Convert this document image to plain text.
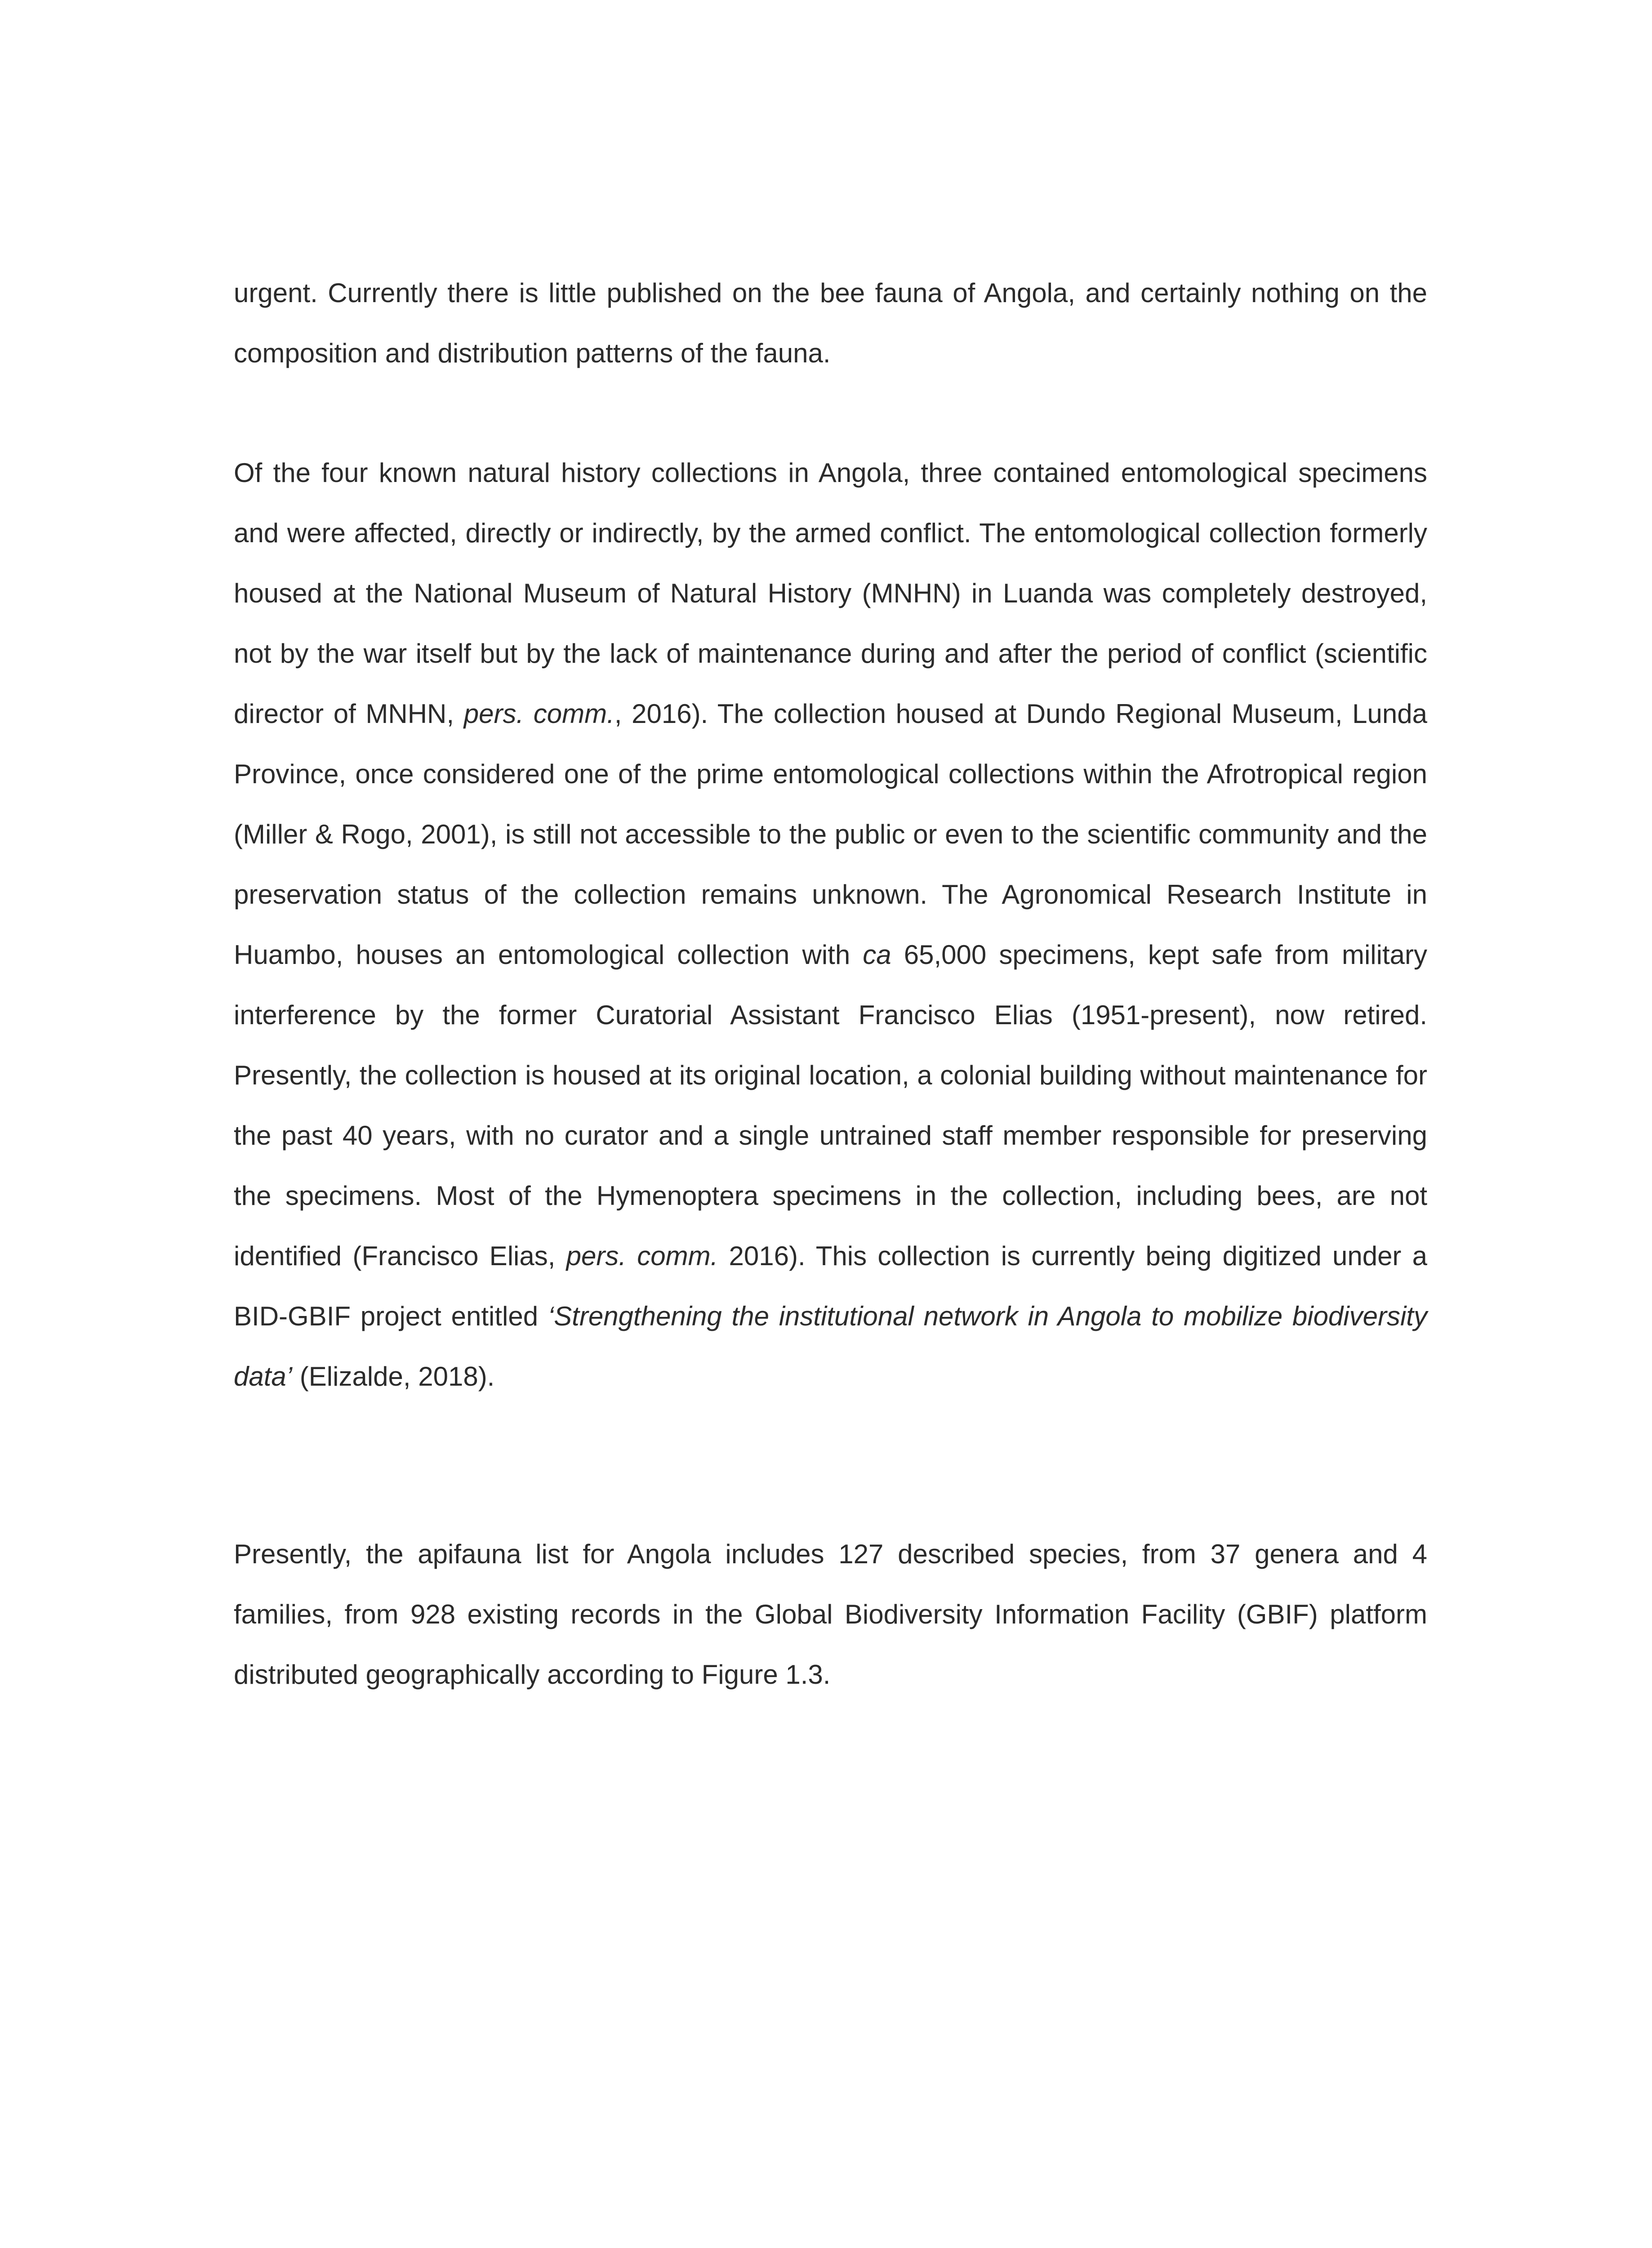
urgent. Currently there is little published on the bee fauna of Angola, and certainly nothing on the composition and distribution patterns of the fauna.

Of the four known natural history collections in Angola, three contained entomological specimens and were affected, directly or indirectly, by the armed conflict. The entomological collection formerly housed at the National Museum of Natural History (MNHN) in Luanda was completely destroyed, not by the war itself but by the lack of maintenance during and after the period of conflict (scientific director of MNHN, pers. comm., 2016). The collection housed at Dundo Regional Museum, Lunda Province, once considered one of the prime entomological collections within the Afrotropical region (Miller & Rogo, 2001), is still not accessible to the public or even to the scientific community and the preservation status of the collection remains unknown. The Agronomical Research Institute in Huambo, houses an entomological collection with ca 65,000 specimens, kept safe from military interference by the former Curatorial Assistant Francisco Elias (1951-present), now retired. Presently, the collection is housed at its original location, a colonial building without maintenance for the past 40 years, with no curator and a single untrained staff member responsible for preserving the specimens. Most of the Hymenoptera specimens in the collection, including bees, are not identified (Francisco Elias, pers. comm. 2016). This collection is currently being digitized under a BID-GBIF project entitled ‘Strengthening the institutional network in Angola to mobilize biodiversity data’ (Elizalde, 2018).

Presently, the apifauna list for Angola includes 127 described species, from 37 genera and 4 families, from 928 existing records in the Global Biodiversity Information Facility (GBIF) platform distributed geographically according to Figure 1.3.
